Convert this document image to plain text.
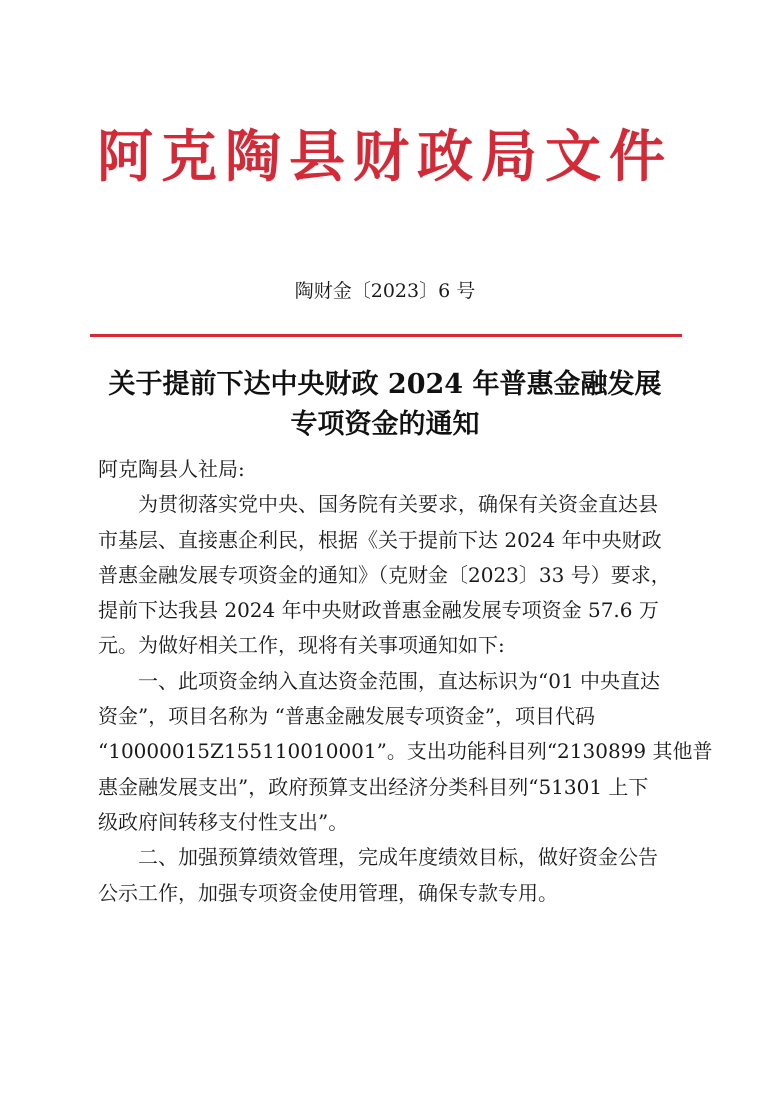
阿克陶县财政局文件
陶财金〔2023〕6 号
关于提前下达中央财政 2024 年普惠金融发展
专项资金的通知
阿克陶县人社局:
为贯彻落实党中央、国务院有关要求，确保有关资金直达县
市基层、直接惠企利民，根据《关于提前下达 2024 年中央财政
普惠金融发展专项资金的通知》（克财金〔2023〕33 号）要求，
提前下达我县 2024 年中央财政普惠金融发展专项资金 57.6 万
元。为做好相关工作，现将有关事项通知如下:
一、此项资金纳入直达资金范围，直达标识为“01 中央直达
资金”，项目名称为 “普惠金融发展专项资金”，项目代码
“10000015Z155110010001”。支出功能科目列“2130899 其他普
惠金融发展支出”，政府预算支出经济分类科目列“51301 上下
级政府间转移支付性支出”。
二、加强预算绩效管理，完成年度绩效目标，做好资金公告
公示工作，加强专项资金使用管理，确保专款专用。
